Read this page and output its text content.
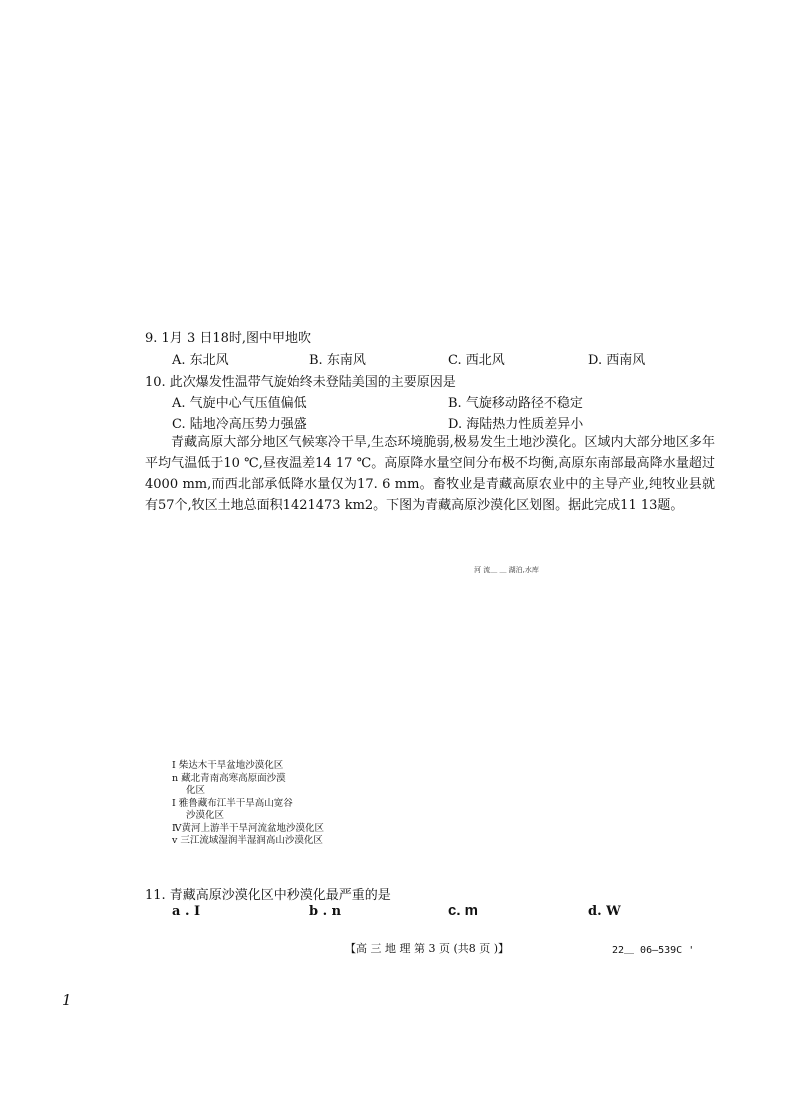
9. 1月 3 日18时,图中甲地吹
A. 东北风	B. 东南风	C. 西北风	D. 西南风
10. 此次爆发性温带气旋始终未登陆美国的主要原因是
A. 气旋中心气压值偏低	B. 气旋移动路径不稳定
C. 陆地冷高压势力强盛	D. 海陆热力性质差异小

青藏高原大部分地区气候寒冷干旱,生态环境脆弱,极易发生土地沙漠化。区域内大部分地区多年平均气温低于10 ℃,昼夜温差14 17 ℃。高原降水量空间分布极不均衡,高原东南部最高降水量超过4000 mm,而西北部承低降水量仅为17. 6 mm。畜牧业是青藏高原农业中的主导产业,纯牧业县就有57个,牧区土地总面积1421473 km2。下图为青藏高原沙漠化区划图。据此完成11 13题。

河 流＿ ＿ 湖泊,水库
Ⅰ 柴达木干旱盆地沙漠化区
n 藏北青南高寒高原面沙漠
化区
Ⅰ 雅鲁藏布江半干旱高山宽谷
沙漠化区
Ⅳ黄河上游半干旱河流盆地沙漠化区
v 三江流域湿润半湿润高山沙漠化区
11. 青藏高原沙漠化区中秒漠化最严重的是
a . Ⅰ	b . n	c. m	d. W
【高 三 地 理 第 3 页 (共8 页 )】	22＿ 06—539C '
1
